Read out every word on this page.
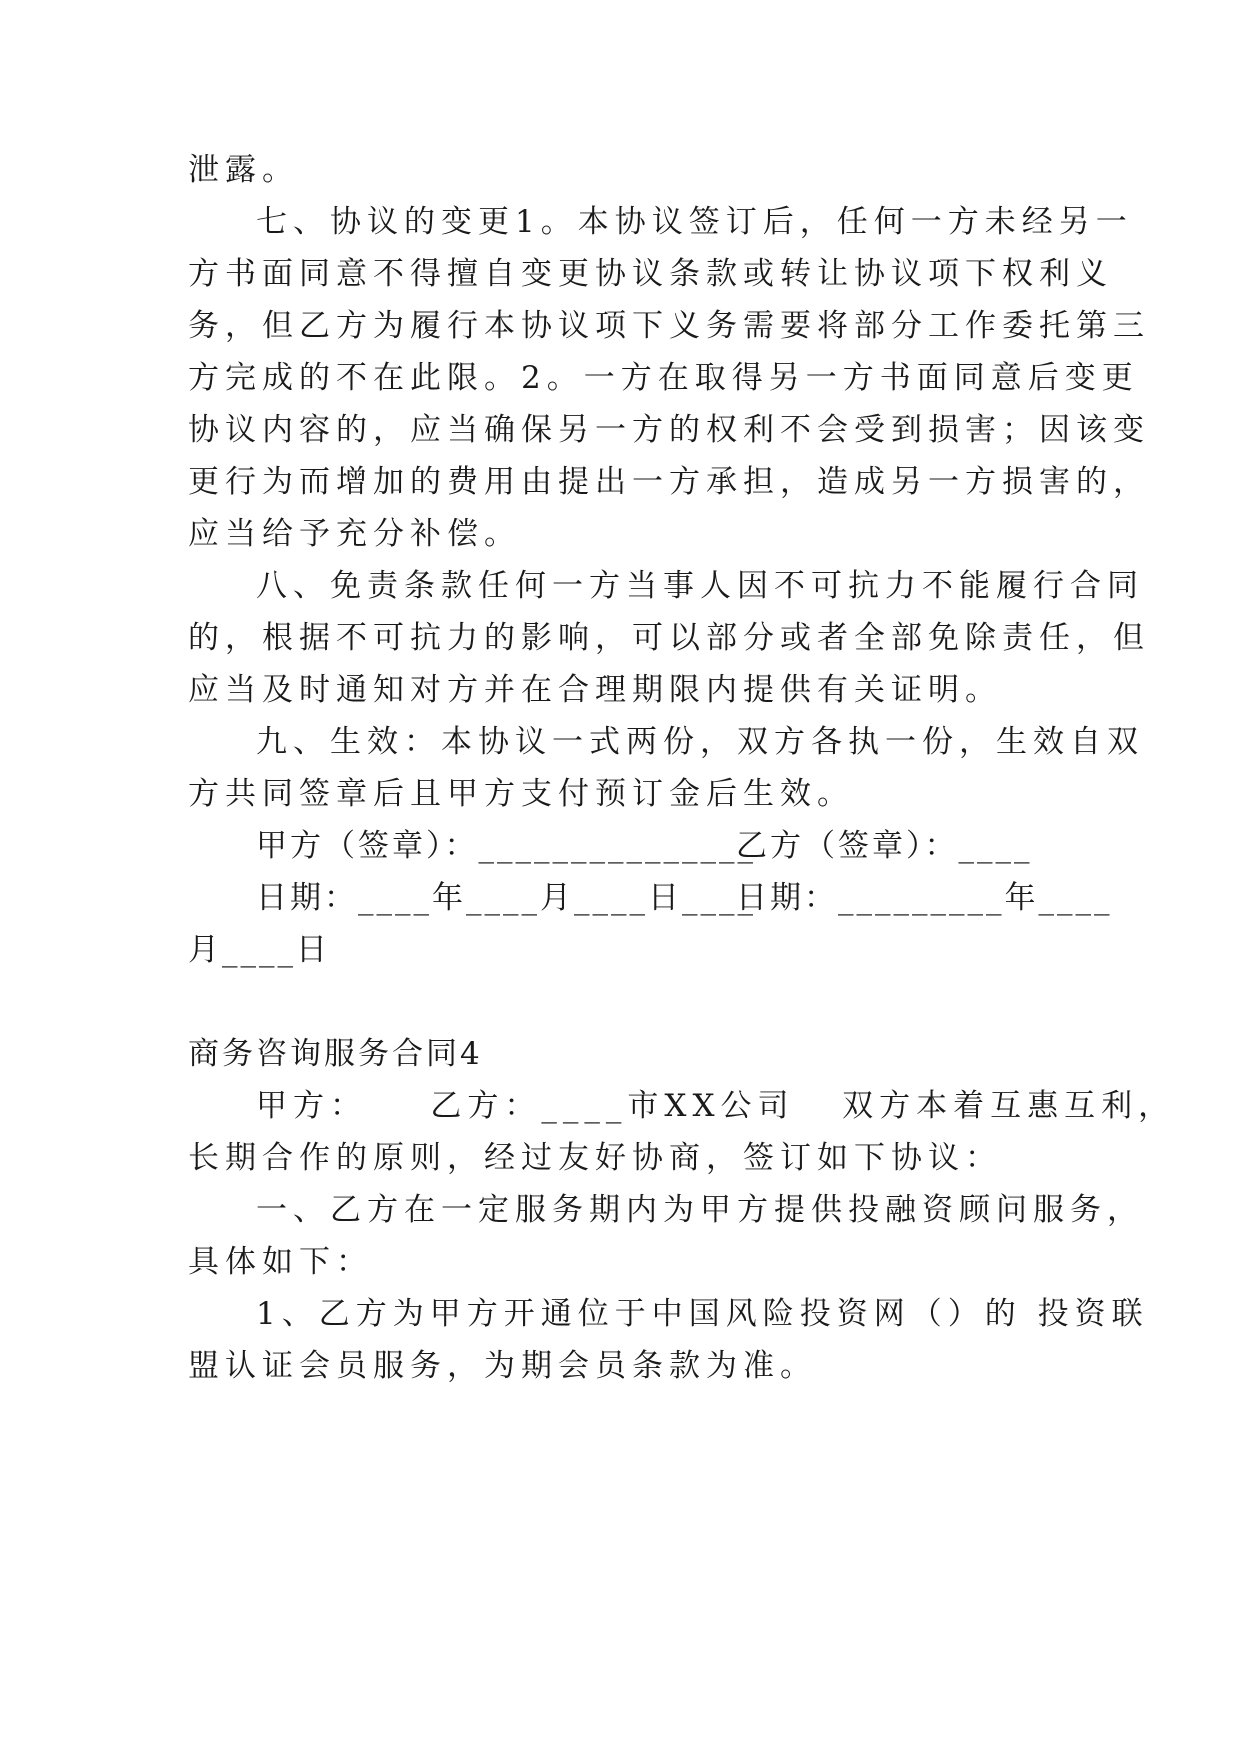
泄露。
七、协议的变更1。本协议签订后，任何一方未经另一
方书面同意不得擅自变更协议条款或转让协议项下权利义
务，但乙方为履行本协议项下义务需要将部分工作委托第三
方完成的不在此限。2。一方在取得另一方书面同意后变更
协议内容的，应当确保另一方的权利不会受到损害；因该变
更行为而增加的费用由提出一方承担，造成另一方损害的，
应当给予充分补偿。
八、免责条款任何一方当事人因不可抗力不能履行合同
的，根据不可抗力的影响，可以部分或者全部免除责任，但
应当及时通知对方并在合理期限内提供有关证明。
九、生效：本协议一式两份，双方各执一份，生效自双
方共同签章后且甲方支付预订金后生效。
甲方（签章）：_______________
乙方（签章）：____
日期：____年____月____日____
日期：_________年____
月____日
商务咨询服务合同4
甲方：    乙方：____市XX公司   双方本着互惠互利，
长期合作的原则，经过友好协商，签订如下协议：
一、乙方在一定服务期内为甲方提供投融资顾问服务，
具体如下：
1、乙方为甲方开通位于中国风险投资网（）的 投资联
盟认证会员服务，为期会员条款为准。
